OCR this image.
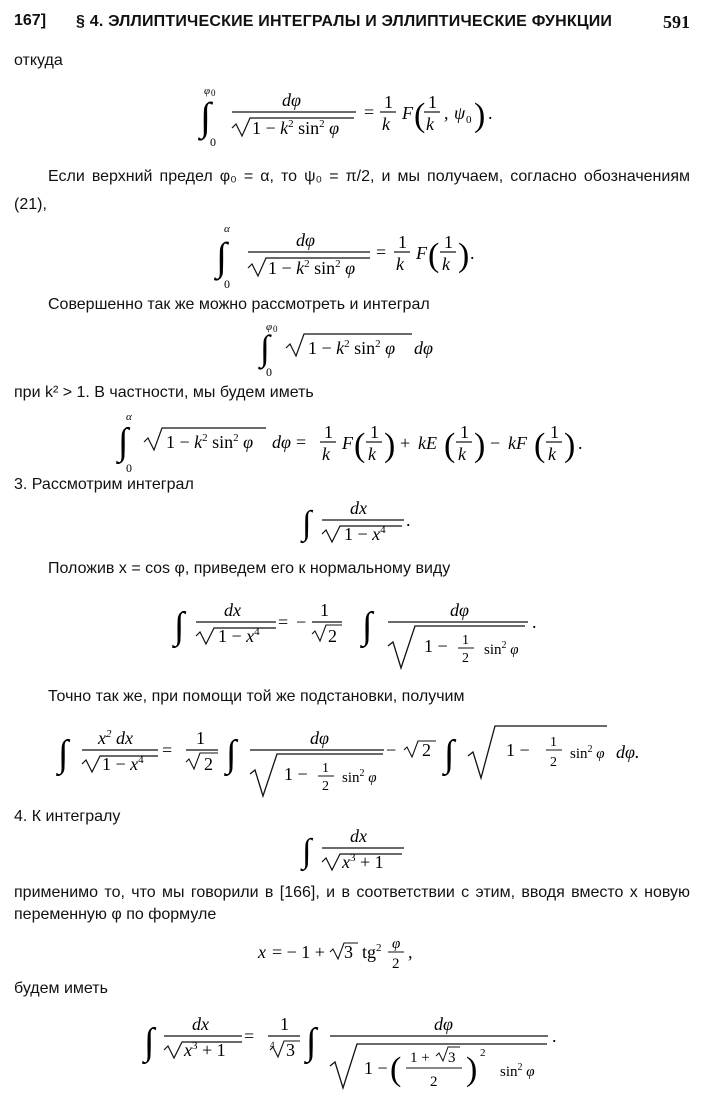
167] § 4. ЭЛЛИПТИЧЕСКИЕ ИНТЕГРАЛЫ И ЭЛЛИПТИЧЕСКИЕ ФУНКЦИИ	591
откуда
∫
φ 0
0
dφ
$1 - k^2$ $\sin^2 \varphi$
= 1
k
F ( 1
k
, ψ 0 ) .
Если верхний предел φ₀ = α, то ψ₀ = π/2, и мы получаем, согласно обозначениям (21),
∫
α
0
dφ
$1 - k^2$ $\sin^2 \varphi$
= 1
k
F ( 1
k ) .
Совершенно так же можно рассмотреть и интеграл
∫
φ 0
0
$1 - k^2$ $\sin^2 \varphi$ dφ
при k² > 1. В частности, мы будем иметь
∫
α
0
$1 - k^2$ $\sin^2 \varphi$ dφ = 1
k
F ( 1
k ) + kE ( 1
k ) − kF ( 1
k ) .
3. Рассмотрим интеграл
∫ dx
$1 - x^4$ .
Положив x = cos φ, приведем его к нормальному виду
∫ dx
$1 - x^4$ = −
1
2 ∫	dφ
1 − 1
2
$\sin^2 \varphi$
.
Точно так же, при помощи той же подстановки, получим
∫ $x^2$ dx
$1 - x^4$ =
1
2 ∫	dφ
1 − 1
2
$\sin^2 \varphi$
− 2 ∫	1 − 1
2
$\sin^2 \varphi$ dφ.
4. К интегралу
∫ dx
$x^3 + 1$
применимо то, что мы говорили в [166], и в соответствии с этим, вводя вместо x новую переменную φ по формуле
x = − 1 + 3 $tg^2$ φ
2
,
будем иметь
∫ dx
$x^3 + 1$
=
1
4 3 ∫	dφ
1 − ( 1 + 3
2 ) 2
$\sin^2 \varphi$
.
